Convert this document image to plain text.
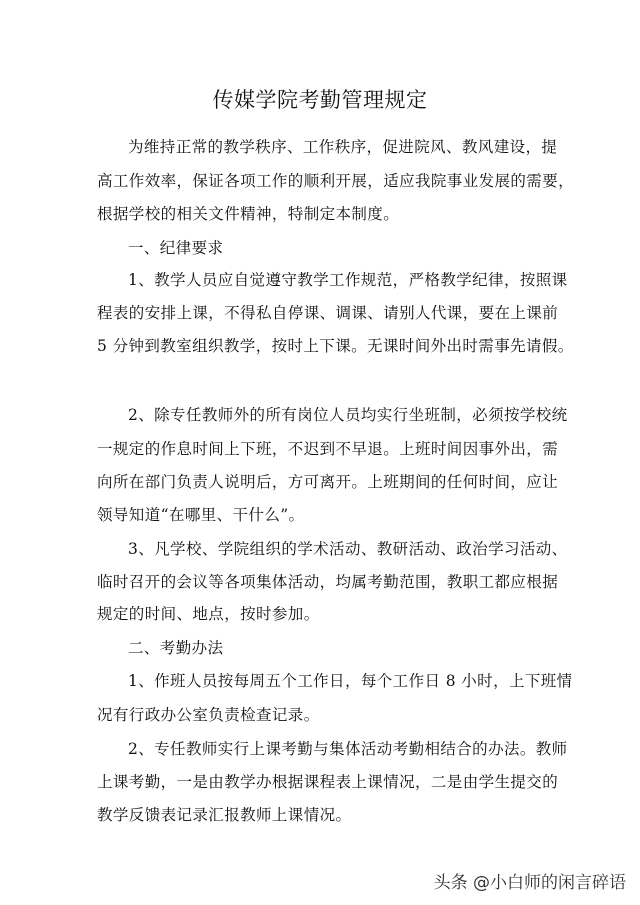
传媒学院考勤管理规定
为维持正常的教学秩序、工作秩序，促进院风、教风建设，提
高工作效率，保证各项工作的顺利开展，适应我院事业发展的需要，
根据学校的相关文件精神，特制定本制度。
一、纪律要求
1、教学人员应自觉遵守教学工作规范，严格教学纪律，按照课
程表的安排上课，不得私自停课、调课、请别人代课，要在上课前
5 分钟到教室组织教学，按时上下课。无课时间外出时需事先请假。
2、除专任教师外的所有岗位人员均实行坐班制，必须按学校统
一规定的作息时间上下班，不迟到不早退。上班时间因事外出，需
向所在部门负责人说明后，方可离开。上班期间的任何时间，应让
领导知道“在哪里、干什么”。
3、凡学校、学院组织的学术活动、教研活动、政治学习活动、
临时召开的会议等各项集体活动，均属考勤范围，教职工都应根据
规定的时间、地点，按时参加。
二、考勤办法
1、作班人员按每周五个工作日，每个工作日 8 小时，上下班情
况有行政办公室负责检查记录。
2、专任教师实行上课考勤与集体活动考勤相结合的办法。教师
上课考勤，一是由教学办根据课程表上课情况，二是由学生提交的
教学反馈表记录汇报教师上课情况。
头条 @小白师的闲言碎语
